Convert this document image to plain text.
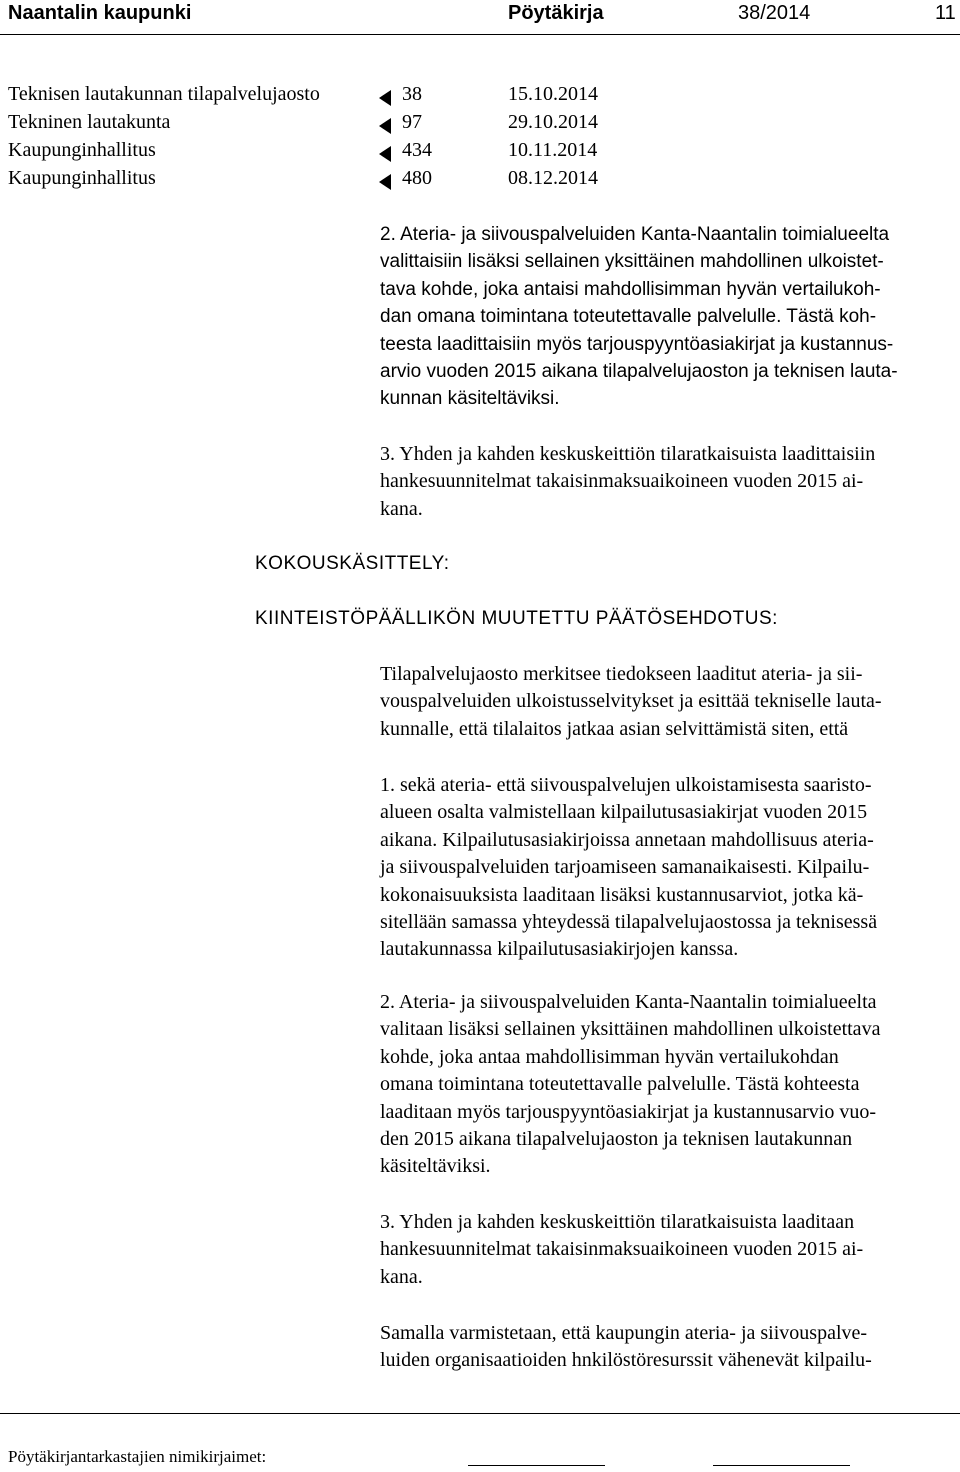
Naantalin kaupunki	Pöytäkirja	38/2014	11
Teknisen lautakunnan tilapalvelujaosto	38	15.10.2014
Tekninen lautakunta	97	29.10.2014
Kaupunginhallitus	434	10.11.2014
Kaupunginhallitus	480	08.12.2014

2. Ateria- ja siivouspalveluiden Kanta-Naantalin toimialueelta
valittaisiin lisäksi sellainen yksittäinen mahdollinen ulkoistet-
tava kohde, joka antaisi mahdollisimman hyvän vertailukoh-
dan omana toimintana toteutettavalle palvelulle. Tästä koh-
teesta laadittaisiin myös tarjouspyyntöasiakirjat ja kustannus-
arvio vuoden 2015 aikana tilapalvelujaoston ja teknisen lauta-
kunnan käsiteltäviksi.

3. Yhden ja kahden keskuskeittiön tilaratkaisuista laadittaisiin
hankesuunnitelmat takaisinmaksuaikoineen vuoden 2015 ai-
kana.

KOKOUSKÄSITTELY:
KIINTEISTÖPÄÄLLIKÖN MUUTETTU PÄÄTÖSEHDOTUS:

Tilapalvelujaosto merkitsee tiedokseen laaditut ateria- ja sii-
vouspalveluiden ulkoistusselvitykset ja esittää tekniselle lauta-
kunnalle, että tilalaitos jatkaa asian selvittämistä siten, että

1. sekä ateria- että siivouspalvelujen ulkoistamisesta saaristo-
alueen osalta valmistellaan kilpailutusasiakirjat vuoden 2015
aikana. Kilpailutusasiakirjoissa annetaan mahdollisuus ateria-
ja siivouspalveluiden tarjoamiseen samanaikaisesti. Kilpailu-
kokonaisuuksista laaditaan lisäksi kustannusarviot, jotka kä-
sitellään samassa yhteydessä tilapalvelujaostossa ja teknisessä
lautakunnassa kilpailutusasiakirjojen kanssa.

2. Ateria- ja siivouspalveluiden Kanta-Naantalin toimialueelta
valitaan lisäksi sellainen yksittäinen mahdollinen ulkoistettava
kohde, joka antaa mahdollisimman hyvän vertailukohdan
omana toimintana toteutettavalle palvelulle. Tästä kohteesta
laaditaan myös tarjouspyyntöasiakirjat ja kustannusarvio vuo-
den 2015 aikana tilapalvelujaoston ja teknisen lautakunnan
käsiteltäviksi.

3. Yhden ja kahden keskuskeittiön tilaratkaisuista laaditaan
hankesuunnitelmat takaisinmaksuaikoineen vuoden 2015 ai-
kana.

Samalla varmistetaan, että kaupungin ateria- ja siivouspalve-
luiden organisaatioiden hnkilöstöresurssit vähenevät kilpailu-

Pöytäkirjantarkastajien nimikirjaimet:
